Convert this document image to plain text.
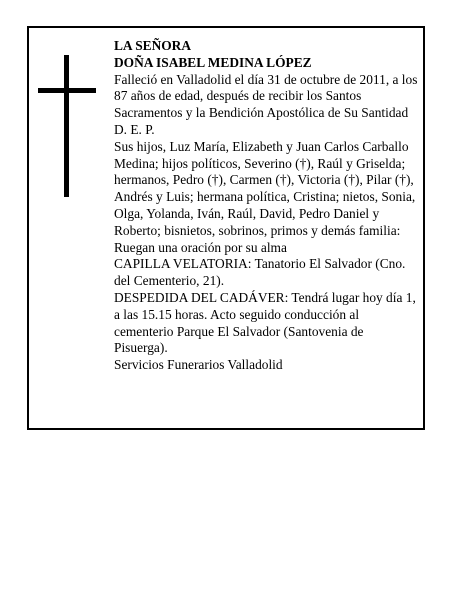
LA SEÑORA

DOÑA ISABEL MEDINA LÓPEZ

Falleció en Valladolid el día 31 de octubre de 2011, a los 87 años de edad, después de recibir los Santos Sacramentos y la Bendición Apostólica de Su Santidad D. E. P.

Sus hijos, Luz María, Elizabeth y Juan Carlos Carballo Medina; hijos políticos, Severino (†), Raúl y Griselda; hermanos, Pedro (†), Carmen (†), Victoria (†), Pilar (†), Andrés y Luis; hermana política, Cristina; nietos, Sonia, Olga, Yolanda, Iván, Raúl, David, Pedro Daniel y Roberto; bisnietos, sobrinos, primos y demás familia:

Ruegan una oración por su alma

CAPILLA VELATORIA: Tanatorio El Salvador (Cno. del Cementerio, 21).

DESPEDIDA DEL CADÁVER: Tendrá lugar hoy día 1, a las 15.15 horas. Acto seguido conducción al cementerio Parque El Salvador (Santovenia de Pisuerga).

Servicios Funerarios Valladolid
